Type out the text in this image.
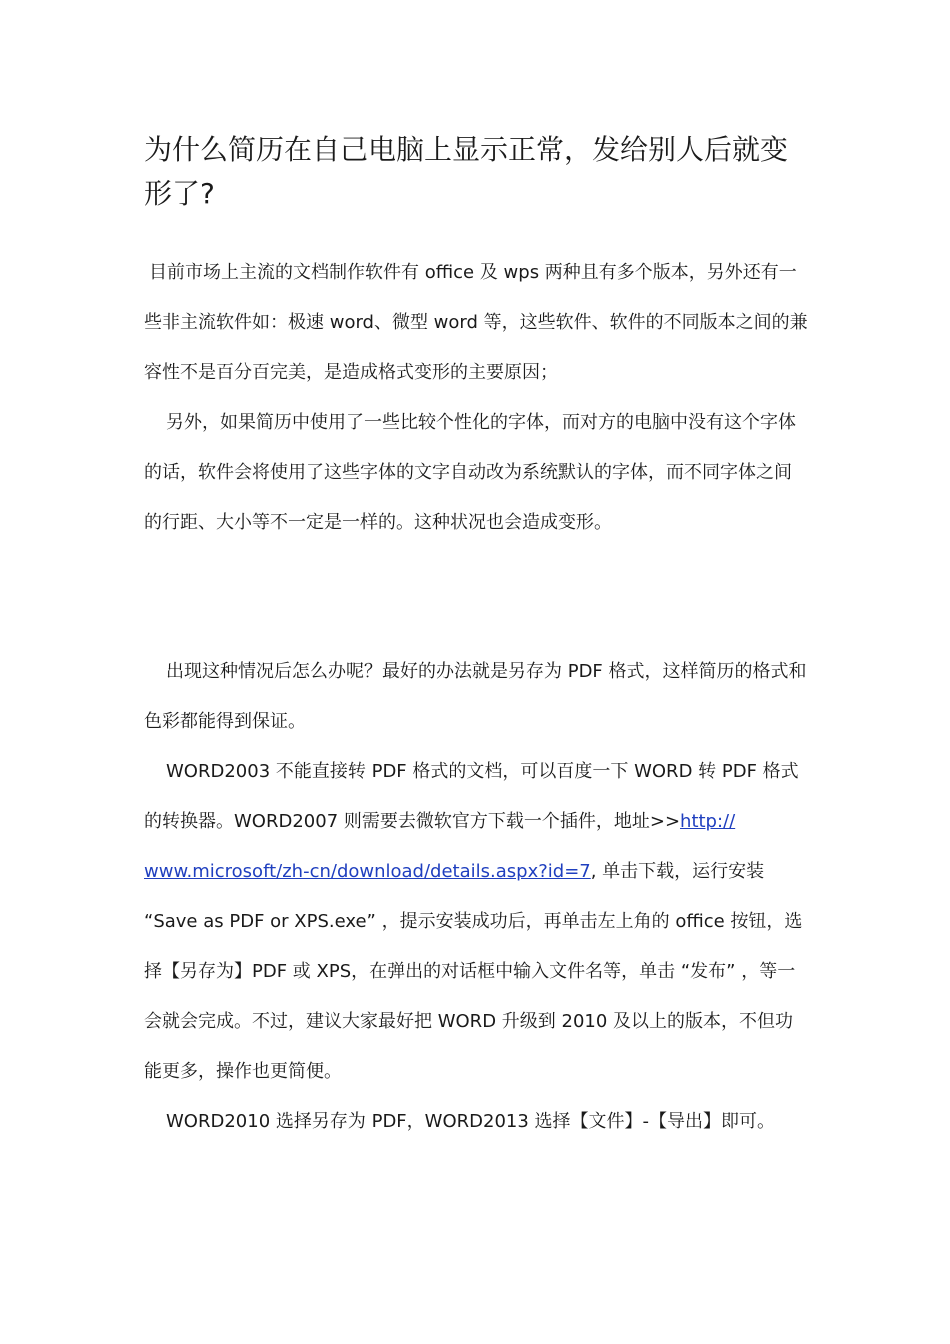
为什么简历在自己电脑上显示正常，发给别人后就变形了?

目前市场上主流的文档制作软件有 office 及 wps 两种且有多个版本，另外还有一些非主流软件如：极速 word、微型 word 等，这些软件、软件的不同版本之间的兼容性不是百分百完美，是造成格式变形的主要原因；

另外，如果简历中使用了一些比较个性化的字体，而对方的电脑中没有这个字体的话，软件会将使用了这些字体的文字自动改为系统默认的字体，而不同字体之间的行距、大小等不一定是一样的。这种状况也会造成变形。

出现这种情况后怎么办呢？最好的办法就是另存为 PDF 格式，这样简历的格式和色彩都能得到保证。

WORD2003 不能直接转 PDF 格式的文档，可以百度一下 WORD 转 PDF 格式的转换器。WORD2007 则需要去微软官方下载一个插件，地址>>http://
www.microsoft/zh-cn/download/details.aspx?id=7, 单击下载，运行安装 “Save as PDF or XPS.exe” ，提示安装成功后，再单击左上角的 office 按钮，选择【另存为】PDF 或 XPS，在弹出的对话框中输入文件名等，单击 “发布” ，等一会就会完成。不过，建议大家最好把 WORD 升级到 2010 及以上的版本，不但功能更多，操作也更简便。

WORD2010 选择另存为 PDF，WORD2013 选择【文件】-【导出】即可。
